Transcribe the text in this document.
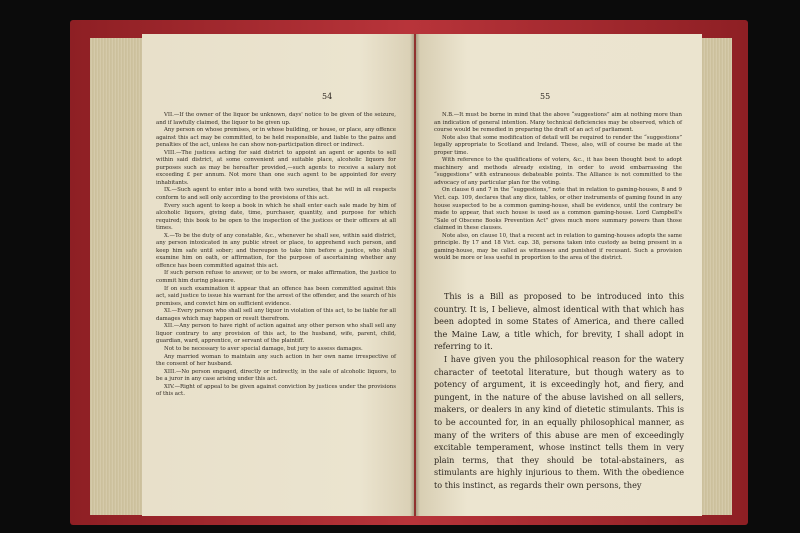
54

VII.—If the owner of the liquor be unknown, days' notice to be given of the seizure, and if lawfully claimed, the liquor to be given up.

Any person on whose premises, or in whose building, or house, or place, any offence against this act may be committed, to be held responsible, and liable to the pains and penalties of the act, unless he can show non-participation direct or indirect.

VIII.—The justices acting for said district to appoint an agent or agents to sell within said district, at some convenient and suitable place, alcoholic liquors for purposes such as may be hereafter provided,—such agents to receive a salary not exceeding £ per annum. Not more than one such agent to be appointed for every inhabitants.

IX.—Such agent to enter into a bond with two sureties, that he will in all respects conform to and sell only according to the provisions of this act.

Every such agent to keep a book in which he shall enter each sale made by him of alcoholic liquors, giving date, time, purchaser, quantity, and purpose for which required; this book to be open to the inspection of the justices or their officers at all times.

X.—To be the duty of any constable, &c., whenever he shall see, within said district, any person intoxicated in any public street or place, to apprehend such person, and keep him safe until sober; and thereupon to take him before a justice, who shall examine him on oath, or affirmation, for the purpose of ascertaining whether any offence has been committed against this act.

If such person refuse to answer, or to be sworn, or make affirmation, the justice to commit him during pleasure.

If on such examination it appear that an offence has been committed against this act, said justice to issue his warrant for the arrest of the offender, and the search of his premises, and convict him on sufficient evidence.

XI.—Every person who shall sell any liquor in violation of this act, to be liable for all damages which may happen or result therefrom.

XII.—Any person to have right of action against any other person who shall sell any liquor contrary to any provision of this act, to the husband, wife, parent, child, guardian, ward, apprentice, or servant of the plaintiff.

Not to be necessary to aver special damage, but jury to assess damages.

Any married woman to maintain any such action in her own name irrespective of the consent of her husband.

XIII.—No person engaged, directly or indirectly, in the sale of alcoholic liquors, to be a juror in any case arising under this act.

XIV.—Right of appeal to be given against conviction by justices under the provisions of this act.

55

N.B.—It must be borne in mind that the above “suggestions” aim at nothing more than an indication of general intention. Many technical deficiencies may be observed, which of course would be remedied in preparing the draft of an act of parliament.

Note also that some modification of detail will be required to render the “suggestions” legally appropriate to Scotland and Ireland. These, also, will of course be made at the proper time.

With reference to the qualifications of voters, &c., it has been thought best to adopt machinery and methods already existing, in order to avoid embarrassing the “suggestions” with extraneous debateable points. The Alliance is not committed to the advocacy of any particular plan for the voting.

On clause 6 and 7 in the “suggestions,” note that in relation to gaming-houses, 8 and 9 Vict. cap. 109, declares that any dice, tables, or other instruments of gaming found in any house suspected to be a common gaming-house, shall be evidence, until the contrary be made to appear, that such house is used as a common gaming-house. Lord Campbell's “Sale of Obscene Books Prevention Act” gives much more summary powers than those claimed in these clauses.

Note also, on clause 10, that a recent act in relation to gaming-houses adopts the same principle. By 17 and 18 Vict. cap. 38, persons taken into custody as being present in a gaming-house, may be called as witnesses and punished if recusant. Such a provision would be more or less useful in proportion to the area of the district.

This is a Bill as proposed to be introduced into this country. It is, I believe, almost identical with that which has been adopted in some States of America, and there called the Maine Law, a title which, for brevity, I shall adopt in referring to it.

I have given you the philosophical reason for the watery character of teetotal literature, but though watery as to potency of argument, it is exceedingly hot, and fiery, and pungent, in the nature of the abuse lavished on all sellers, makers, or dealers in any kind of dietetic stimulants. This is to be accounted for, in an equally philosophical manner, as many of the writers of this abuse are men of exceedingly excitable temperament, whose instinct tells them in very plain terms, that they should be total-abstainers, as stimulants are highly injurious to them. With the obedience to this instinct, as regards their own persons, they
